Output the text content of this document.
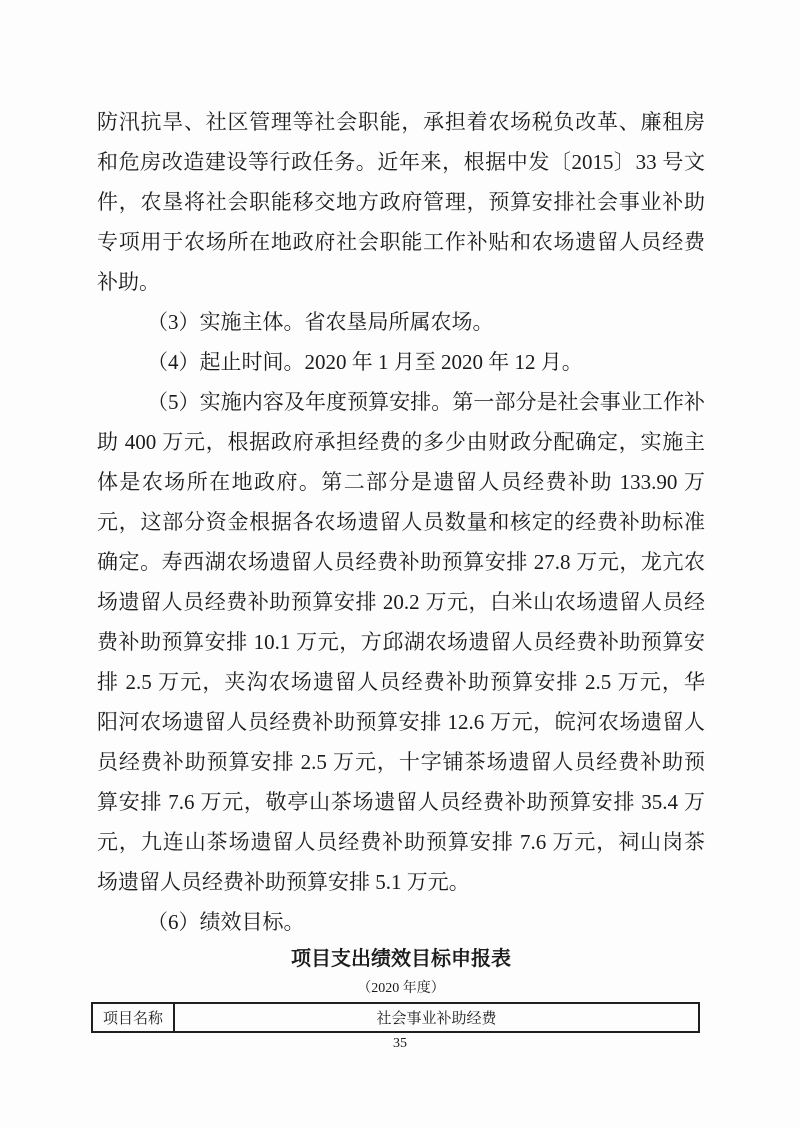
防汛抗旱、社区管理等社会职能，承担着农场税负改革、廉租房
和危房改造建设等行政任务。近年来，根据中发〔2015〕33 号文
件，农垦将社会职能移交地方政府管理，预算安排社会事业补助
专项用于农场所在地政府社会职能工作补贴和农场遗留人员经费
补助。
（3）实施主体。省农垦局所属农场。
（4）起止时间。2020 年 1 月至 2020 年 12 月。
（5）实施内容及年度预算安排。第一部分是社会事业工作补
助 400 万元，根据政府承担经费的多少由财政分配确定，实施主
体是农场所在地政府。第二部分是遗留人员经费补助 133.90 万
元，这部分资金根据各农场遗留人员数量和核定的经费补助标准
确定。寿西湖农场遗留人员经费补助预算安排 27.8 万元，龙亢农
场遗留人员经费补助预算安排 20.2 万元，白米山农场遗留人员经
费补助预算安排 10.1 万元，方邱湖农场遗留人员经费补助预算安
排 2.5 万元，夹沟农场遗留人员经费补助预算安排 2.5 万元，华
阳河农场遗留人员经费补助预算安排 12.6 万元，皖河农场遗留人
员经费补助预算安排 2.5 万元，十字铺茶场遗留人员经费补助预
算安排 7.6 万元，敬亭山茶场遗留人员经费补助预算安排 35.4 万
元，九连山茶场遗留人员经费补助预算安排 7.6 万元，祠山岗茶
场遗留人员经费补助预算安排 5.1 万元。
（6）绩效目标。
项目支出绩效目标申报表
（2020 年度）
项目名称	社会事业补助经费
35
